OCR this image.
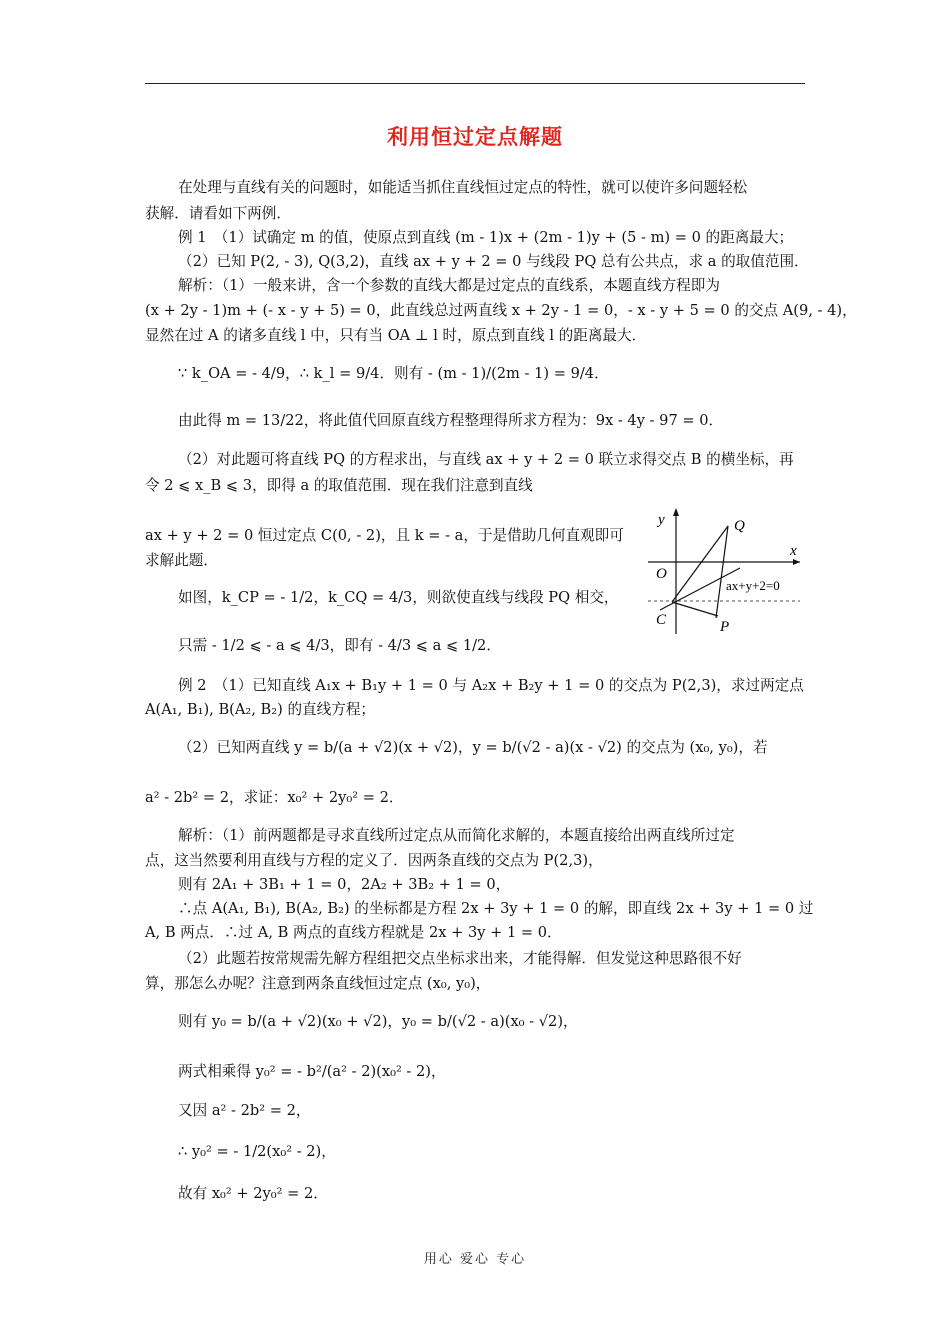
利用恒过定点解题
在处理与直线有关的问题时，如能适当抓住直线恒过定点的特性，就可以使许多问题轻松
获解．请看如下两例．
例 1　（1）试确定 m 的值，使原点到直线 (m - 1)x + (2m - 1)y + (5 - m) = 0 的距离最大；
（2）已知 P(2, - 3), Q(3,2)，直线 ax + y + 2 = 0 与线段 PQ 总有公共点，求 a 的取值范围．
解析：（1）一般来讲，含一个参数的直线大都是过定点的直线系，本题直线方程即为
(x + 2y - 1)m + (- x - y + 5) = 0，此直线总过两直线 x + 2y - 1 = 0，- x - y + 5 = 0 的交点 A(9, - 4)，
显然在过 A 的诸多直线 l 中，只有当 OA ⊥ l 时，原点到直线 l 的距离最大．
∵ k_OA = - 4/9，∴ k_l = 9/4．则有 - (m - 1)/(2m - 1) = 9/4．
由此得 m = 13/22，将此值代回原直线方程整理得所求方程为：9x - 4y - 97 = 0．
（2）对此题可将直线 PQ 的方程求出，与直线 ax + y + 2 = 0 联立求得交点 B 的横坐标，再
令 2 ⩽ x_B ⩽ 3，即得 a 的取值范围．现在我们注意到直线
ax + y + 2 = 0 恒过定点 C(0, - 2)，且 k = - a，于是借助几何直观即可
求解此题．
如图，k_CP = - 1/2，k_CQ = 4/3，则欲使直线与线段 PQ 相交，
只需 - 1/2 ⩽ - a ⩽ 4/3，即有 - 4/3 ⩽ a ⩽ 1/2．
例 2　（1）已知直线 A₁x + B₁y + 1 = 0 与 A₂x + B₂y + 1 = 0 的交点为 P(2,3)，求过两定点
A(A₁, B₁), B(A₂, B₂) 的直线方程；
（2）已知两直线 y = b/(a + √2)(x + √2)，y = b/(√2 - a)(x - √2) 的交点为 (x₀, y₀)，若
a² - 2b² = 2，求证：x₀² + 2y₀² = 2．
解析：（1）前两题都是寻求直线所过定点从而简化求解的，本题直接给出两直线所过定
点，这当然要利用直线与方程的定义了．因两条直线的交点为 P(2,3)，
则有 2A₁ + 3B₁ + 1 = 0，2A₂ + 3B₂ + 1 = 0，
∴点 A(A₁, B₁), B(A₂, B₂) 的坐标都是方程 2x + 3y + 1 = 0 的解，即直线 2x + 3y + 1 = 0 过
A, B 两点．∴过 A, B 两点的直线方程就是 2x + 3y + 1 = 0．
（2）此题若按常规需先解方程组把交点坐标求出来，才能得解．但发觉这种思路很不好
算，那怎么办呢？注意到两条直线恒过定点 (x₀, y₀)，
则有 y₀ = b/(a + √2)(x₀ + √2)，y₀ = b/(√2 - a)(x₀ - √2)，
两式相乘得 y₀² = - b²/(a² - 2)(x₀² - 2)，
又因 a² - 2b² = 2，
∴ y₀² = - 1/2(x₀² - 2)，
故有 x₀² + 2y₀² = 2．
y
x
O
C	P
Q
ax+y+2=0
用心 爱心 专心
